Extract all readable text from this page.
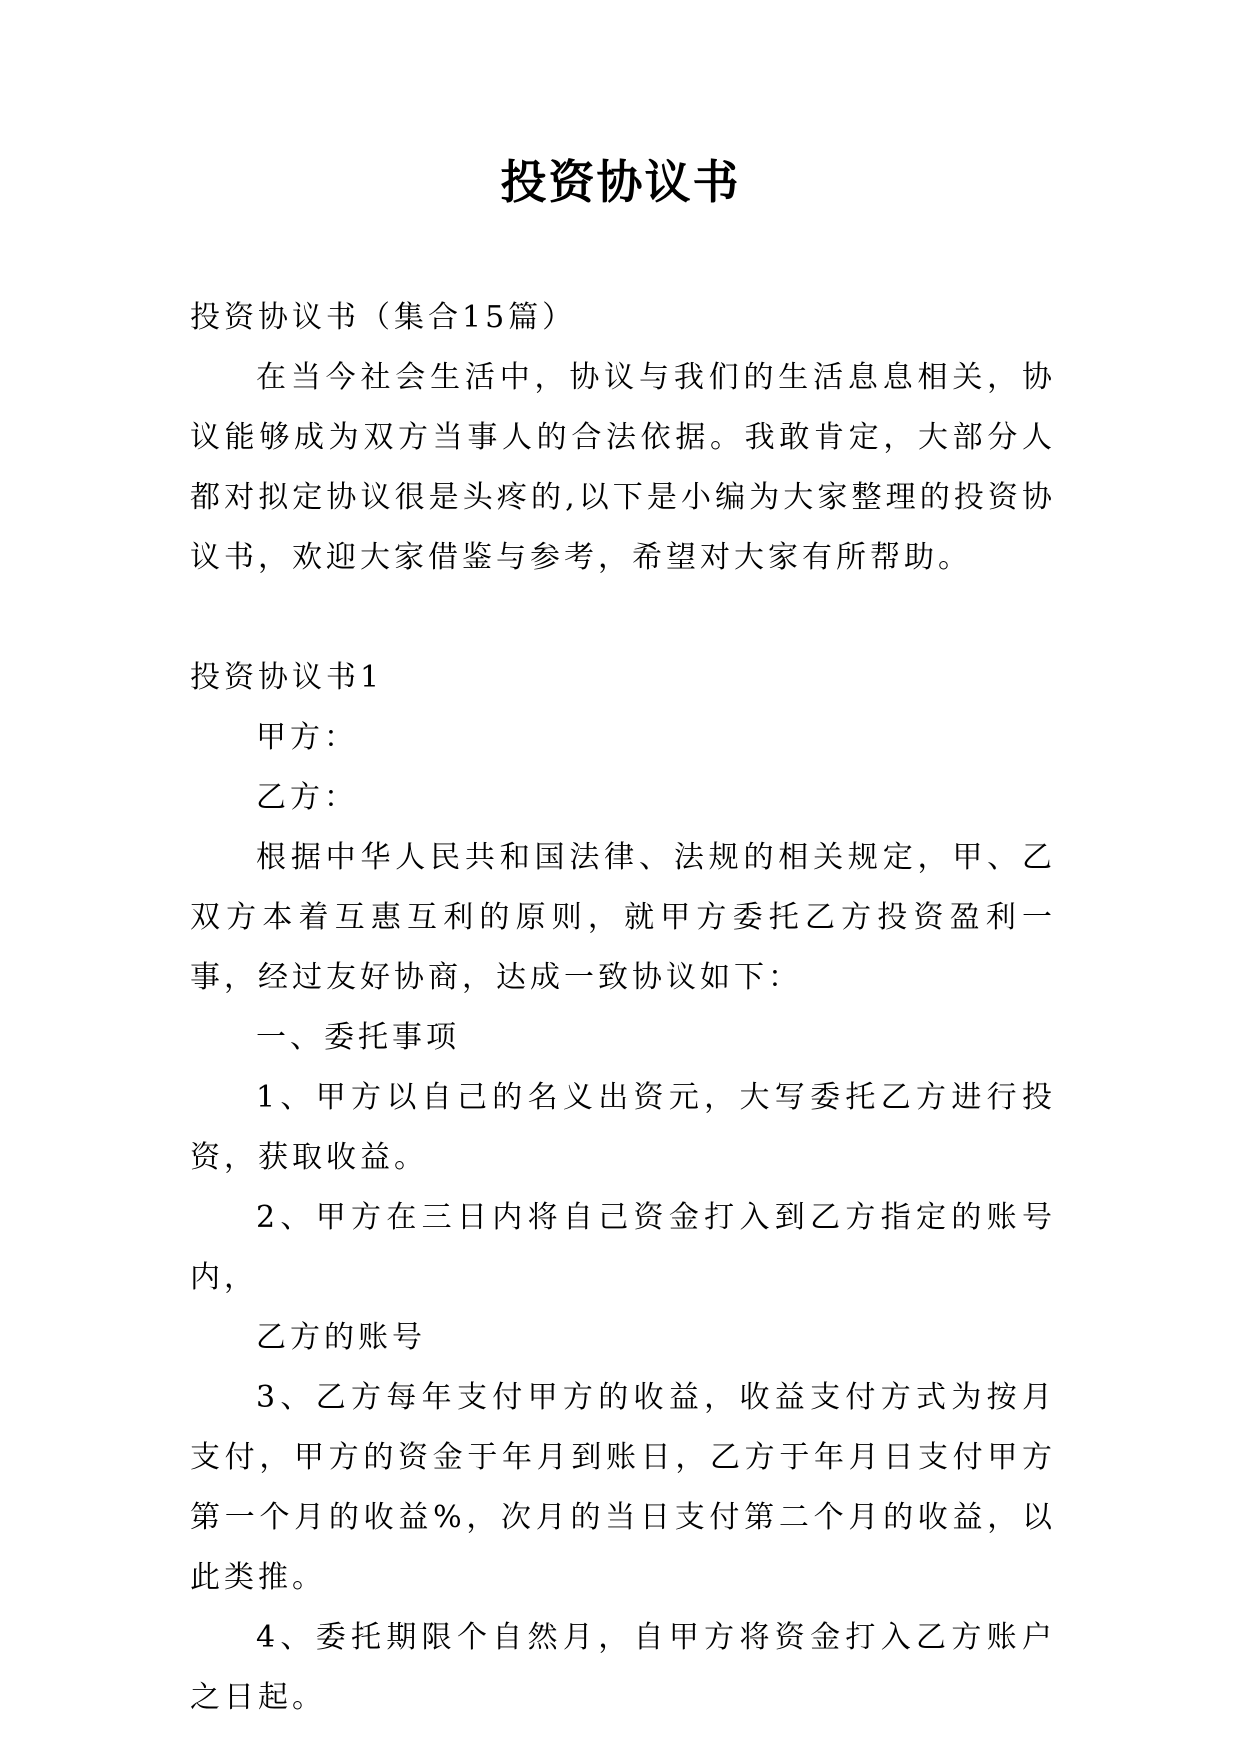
投资协议书

投资协议书（集合15篇）

在当今社会生活中，协议与我们的生活息息相关，协议能够成为双方当事人的合法依据。我敢肯定，大部分人都对拟定协议很是头疼的,以下是小编为大家整理的投资协议书，欢迎大家借鉴与参考，希望对大家有所帮助。

投资协议书1

甲方：

乙方：

根据中华人民共和国法律、法规的相关规定，甲、乙双方本着互惠互利的原则，就甲方委托乙方投资盈利一事，经过友好协商，达成一致协议如下：

一、委托事项

1、甲方以自己的名义出资元，大写委托乙方进行投资，获取收益。

2、甲方在三日内将自己资金打入到乙方指定的账号内，

乙方的账号

3、乙方每年支付甲方的收益，收益支付方式为按月支付，甲方的资金于年月到账日，乙方于年月日支付甲方第一个月的收益%，次月的当日支付第二个月的收益，以此类推。

4、委托期限个自然月，自甲方将资金打入乙方账户之日起。
